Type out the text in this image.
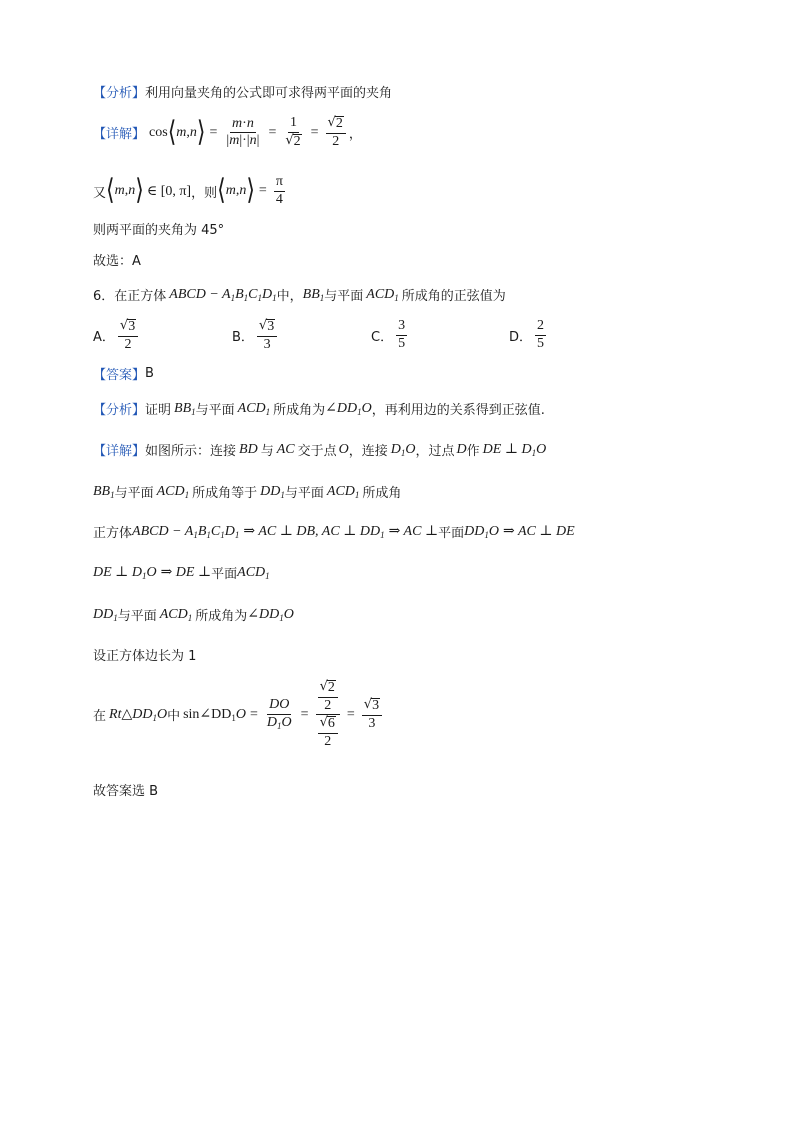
【分析】 利用向量夹角的公式即可求得两平面的夹角
【详解】 cos ⟨ m , n ⟩ = $\frac{m\cdot n}{|m|\cdot|n|} = \frac{1}{√ 2} = \frac{√ 2}{2}$ ，
又 ⟨ m , n ⟩ ∈ [0, π] ，则 ⟨ m , n ⟩ = $\frac{\pi}{4}$
则两平面的夹角为 45°
故选：A
6．在正方体 ABCD − $A_1B_1C_1D_1$ 中， $BB_1$ 与平面 $ACD_1$ 所成角的正弦值为
A． $\frac{√ 3}{2}$	B． $\frac{√ 3}{3}$	C． $\frac{3}{5}$	D． $\frac{2}{5}$
【答案】 B
【分析】 证明 $BB_1$ 与平面 $ACD_1$ 所成角为 $\angle DD_1O$ ，再利用边的关系得到正弦值.
【详解】 如图所示：连接 BD 与 AC 交于点 O ，连接 $D_1O$ ，过点 D 作 DE ⊥ $D_1O$
$BB_1$ 与平面 $ACD_1$ 所成角等于 $DD_1$ 与平面 $ACD_1$ 所成角
正方体 ABCD − $A_1B_1C_1D_1$ ⇒ AC ⊥ DB, AC ⊥ $DD_1$ ⇒ AC ⊥ 平面 $DD_1O$ ⇒ AC ⊥ DE
DE ⊥ $D_1O$ ⇒ DE ⊥ 平面 $ACD_1$
$DD_1$ 与平面 $ACD_1$ 所成角为 $\angle DD_1O$
设正方体边长为 1
在 $Rt\triangle DD_1O$ 中 $\sin\angle DD_1O = \frac{DO}{D_1O} = \frac{\frac{√ 2}{2}}{\frac{√ 6}{2}} = \frac{√ 3}{3}$
故答案选 B
